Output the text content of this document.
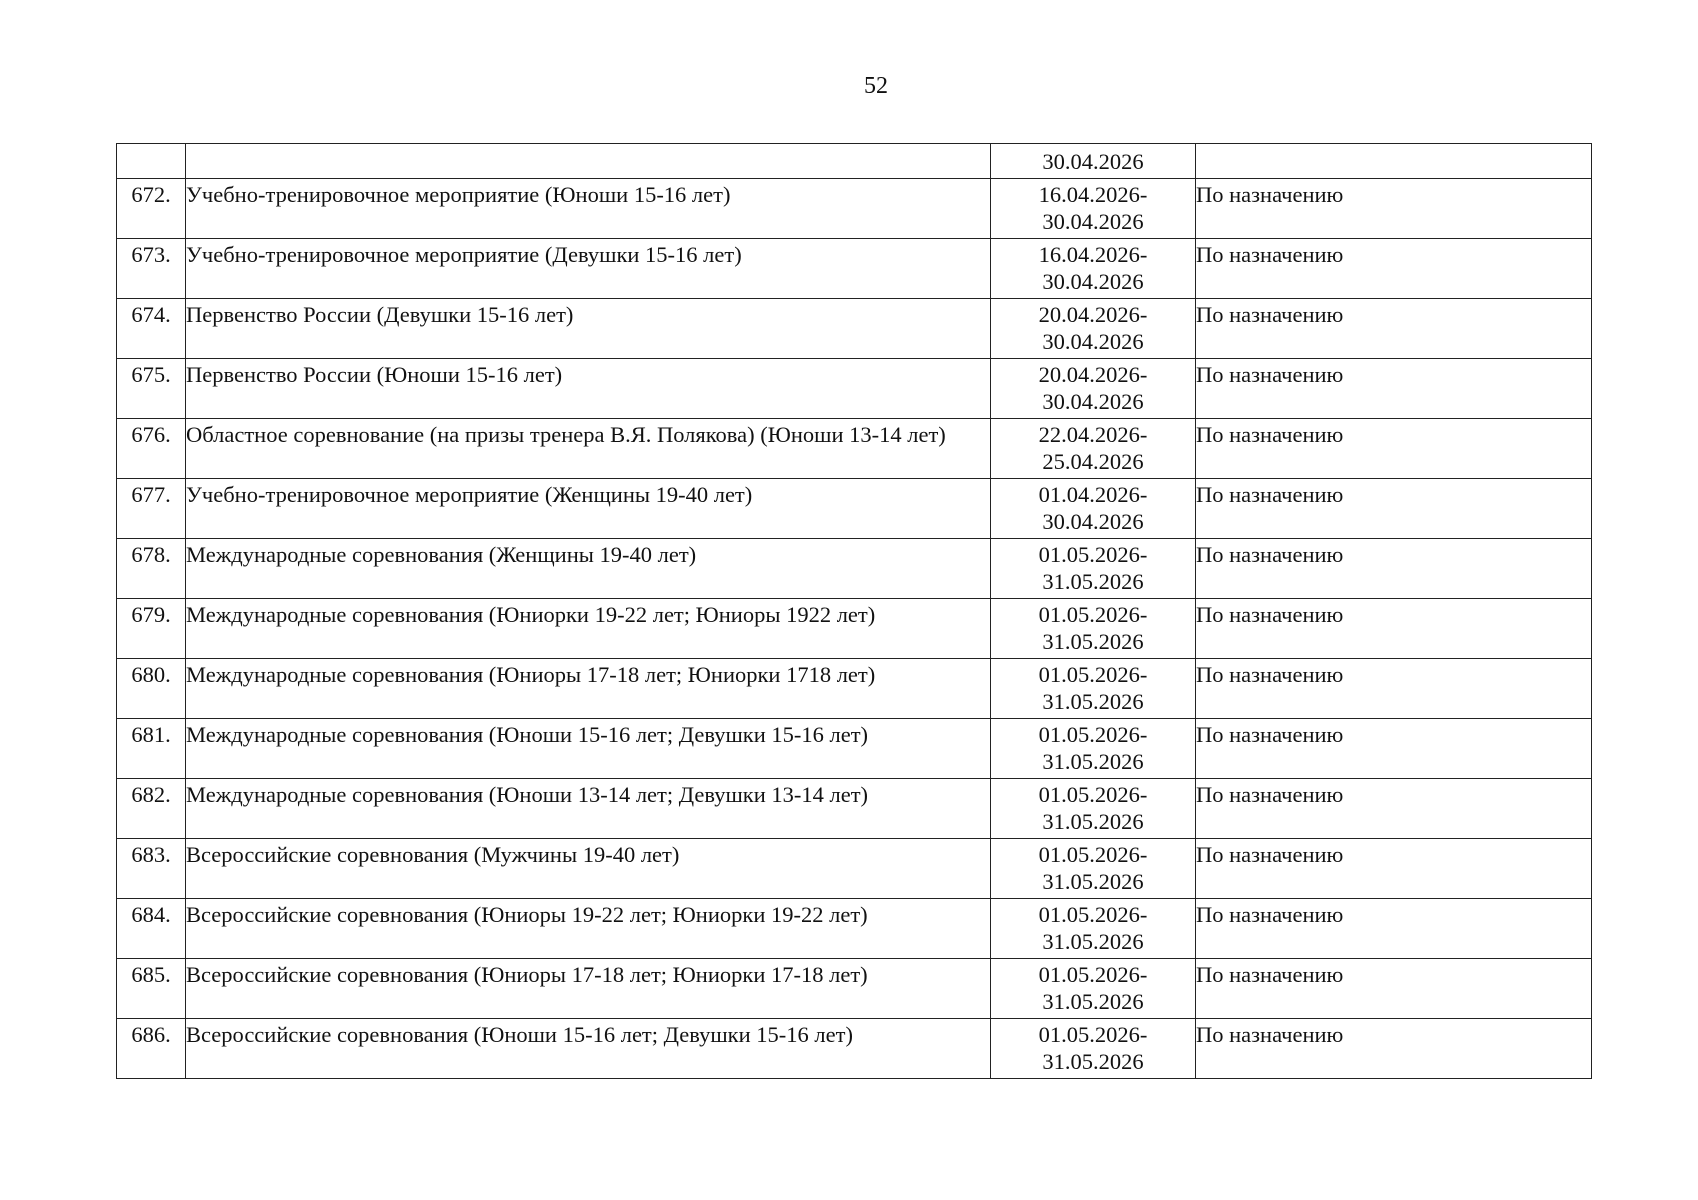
52

		30.04.2026	

672.	Учебно-тренировочное мероприятие (Юноши 15-16 лет)	16.04.2026-
30.04.2026	По назначению
673.	Учебно-тренировочное мероприятие (Девушки 15-16 лет)	16.04.2026-
30.04.2026	По назначению
674.	Первенство России (Девушки 15-16 лет)	20.04.2026-
30.04.2026	По назначению
675.	Первенство России (Юноши 15-16 лет)	20.04.2026-
30.04.2026	По назначению
676.	Областное соревнование (на призы тренера В.Я. Полякова) (Юноши 13-14 лет)	22.04.2026-
25.04.2026	По назначению
677.	Учебно-тренировочное мероприятие (Женщины 19-40 лет)	01.04.2026-
30.04.2026	По назначению
678.	Международные соревнования (Женщины 19-40 лет)	01.05.2026-
31.05.2026	По назначению
679.	Международные соревнования (Юниорки 19-22 лет; Юниоры 1922 лет)	01.05.2026-
31.05.2026	По назначению
680.	Международные соревнования (Юниоры 17-18 лет; Юниорки 1718 лет)	01.05.2026-
31.05.2026	По назначению
681.	Международные соревнования (Юноши 15-16 лет; Девушки 15-16 лет)	01.05.2026-
31.05.2026	По назначению
682.	Международные соревнования (Юноши 13-14 лет; Девушки 13-14 лет)	01.05.2026-
31.05.2026	По назначению
683.	Всероссийские соревнования (Мужчины 19-40 лет)	01.05.2026-
31.05.2026	По назначению
684.	Всероссийские соревнования (Юниоры 19-22 лет; Юниорки 19-22 лет)	01.05.2026-
31.05.2026	По назначению
685.	Всероссийские соревнования (Юниоры 17-18 лет; Юниорки 17-18 лет)	01.05.2026-
31.05.2026	По назначению
686.	Всероссийские соревнования (Юноши 15-16 лет; Девушки 15-16 лет)	01.05.2026-
31.05.2026	По назначению
